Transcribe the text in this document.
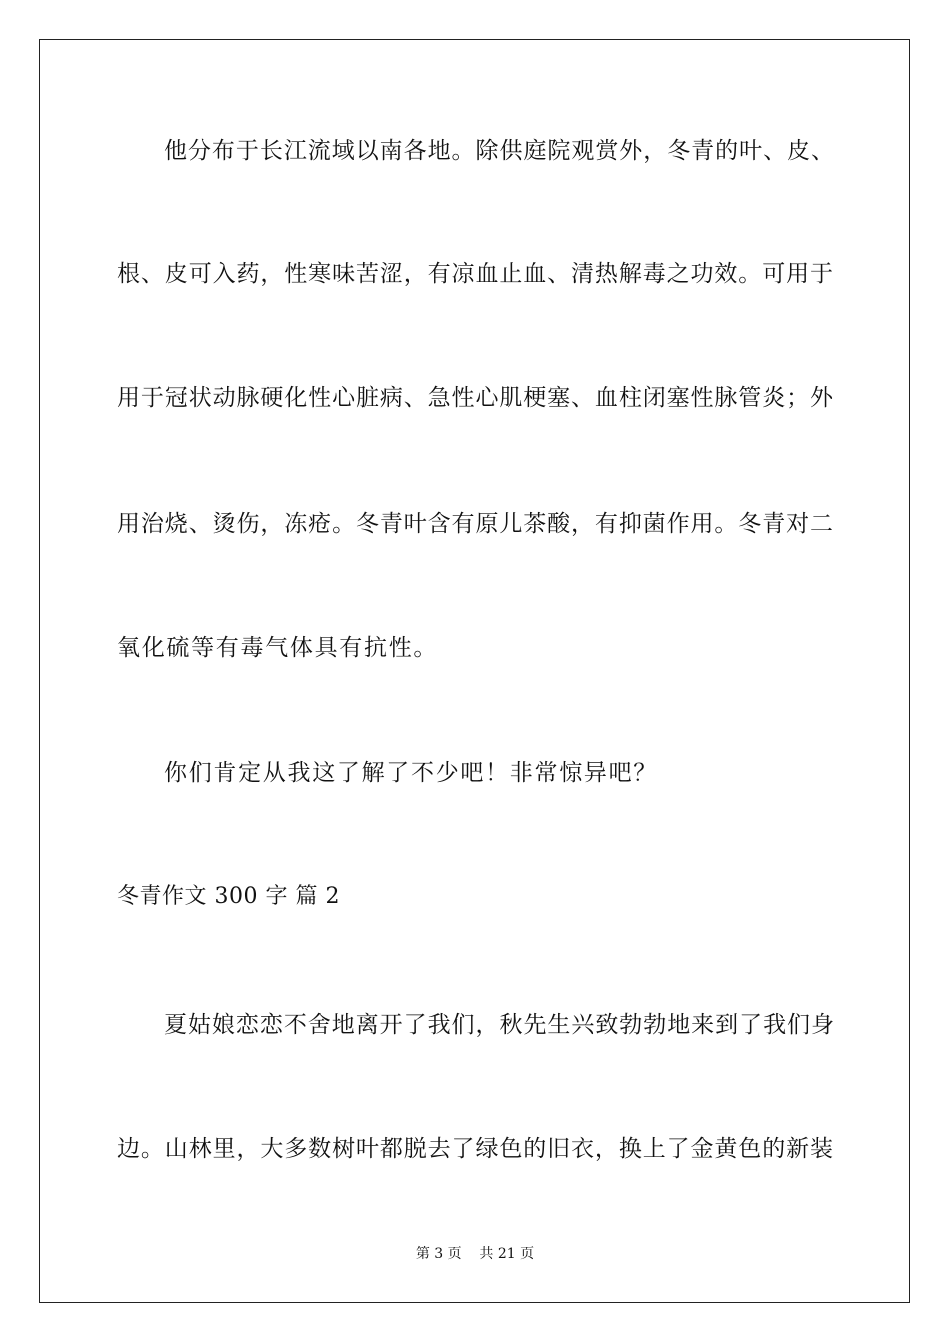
他分布于长江流域以南各地。除供庭院观赏外，冬青的叶、皮、
根、皮可入药，性寒味苦涩，有凉血止血、清热解毒之功效。可用于
用于冠状动脉硬化性心脏病、急性心肌梗塞、血柱闭塞性脉管炎；外
用治烧、烫伤，冻疮。冬青叶含有原儿茶酸，有抑菌作用。冬青对二
氧化硫等有毒气体具有抗性。
你们肯定从我这了解了不少吧！非常惊异吧？
冬青作文 300 字 篇 2
夏姑娘恋恋不舍地离开了我们，秋先生兴致勃勃地来到了我们身
边。山林里，大多数树叶都脱去了绿色的旧衣，换上了金黄色的新装
第 3 页    共 21 页
